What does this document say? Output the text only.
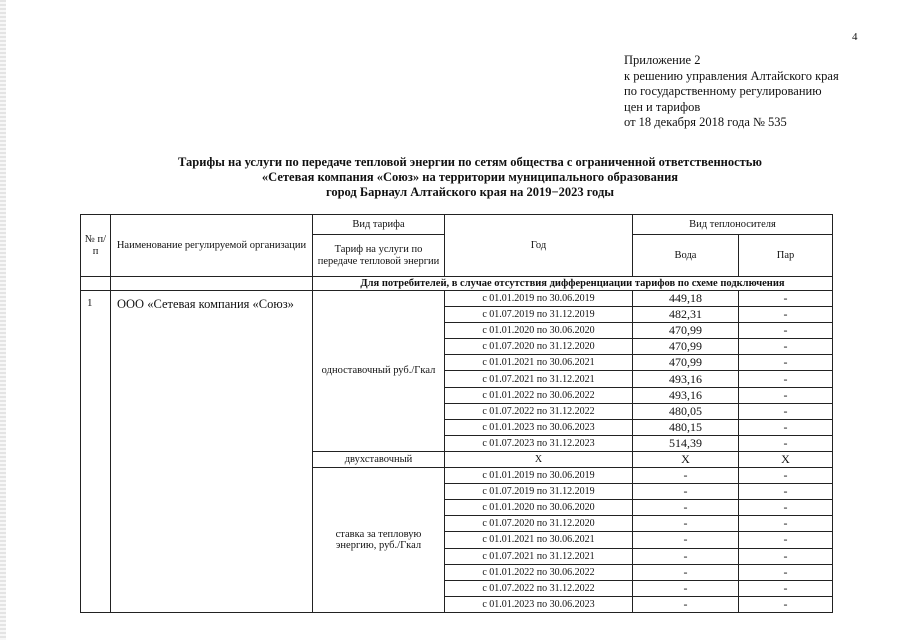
4
Приложение 2
к решению управления Алтайского края
по государственному регулированию
цен и тарифов
от 18 декабря 2018 года № 535
Тарифы на услуги по передаче тепловой энергии по сетям общества с ограниченной ответственностью
«Сетевая компания «Союз» на территории муниципального образования
город Барнаул Алтайского края на 2019−2023 годы
№ п/п	Наименование регулируемой организации	Вид тарифа	Год	Вид теплоносителя	
		Тариф на услуги по передаче тепловой энергии		Вода	Пар
		Для потребителей, в случае отсутствия дифференциации тарифов по схеме подключения			
1	ООО «Сетевая компания «Союз»	одноставочный руб./Гкал	с 01.01.2019 по 30.06.2019	449,18	-
			с 01.07.2019 по 31.12.2019	482,31	-
			с 01.01.2020 по 30.06.2020	470,99	-
			с 01.07.2020 по 31.12.2020	470,99	-
			с 01.01.2021 по 30.06.2021	470,99	-
			с 01.07.2021 по 31.12.2021	493,16	-
			с 01.01.2022 по 30.06.2022	493,16	-
			с 01.07.2022 по 31.12.2022	480,05	-
			с 01.01.2023 по 30.06.2023	480,15	-
			с 01.07.2023 по 31.12.2023	514,39	-
		двухставочный	Х	Х	Х
		ставка за тепловую энергию, руб./Гкал	с 01.01.2019 по 30.06.2019	-	-
			с 01.07.2019 по 31.12.2019	-	-
			с 01.01.2020 по 30.06.2020	-	-
			с 01.07.2020 по 31.12.2020	-	-
			с 01.01.2021 по 30.06.2021	-	-
			с 01.07.2021 по 31.12.2021	-	-
			с 01.01.2022 по 30.06.2022	-	-
			с 01.07.2022 по 31.12.2022	-	-
			с 01.01.2023 по 30.06.2023	-	-
